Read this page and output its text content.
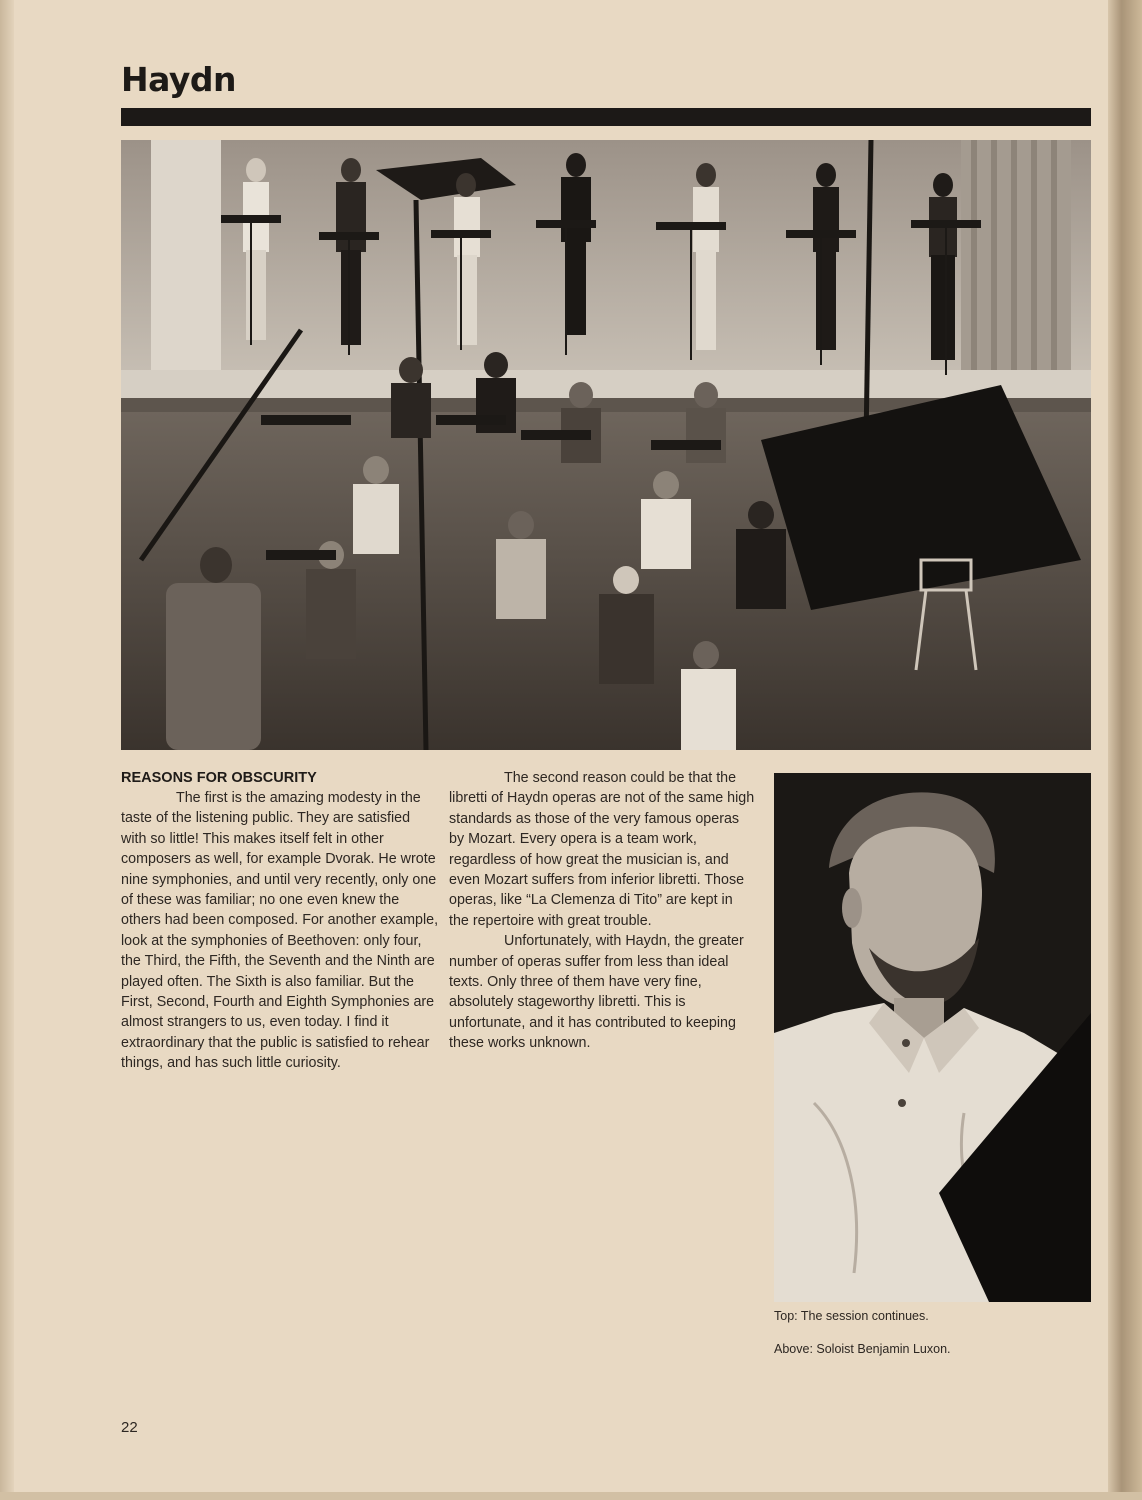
Haydn
REASONS FOR OBSCURITY

The first is the amazing modesty in the taste of the listening public. They are satisfied with so little! This makes itself felt in other composers as well, for example Dvorak. He wrote nine symphonies, and until very recently, only one of these was familiar; no one even knew the others had been composed. For another example, look at the symphonies of Beethoven: only four, the Third, the Fifth, the Seventh and the Ninth are played often. The Sixth is also familiar. But the First, Second, Fourth and Eighth Symphonies are almost strangers to us, even today. I find it extraordinary that the public is satisfied to rehear things, and has such little curiosity.

The second reason could be that the libretti of Haydn operas are not of the same high standards as those of the very famous operas by Mozart. Every opera is a team work, regardless of how great the musician is, and even Mozart suffers from inferior libretti. Those operas, like “La Clemenza di Tito” are kept in the repertoire with great trouble.

Unfortunately, with Haydn, the greater number of operas suffer from less than ideal texts. Only three of them have very fine, absolutely stageworthy libretti. This is unfortunate, and it has contributed to keeping these works unknown.

Top: The session continues.
Above: Soloist Benjamin Luxon.
22
